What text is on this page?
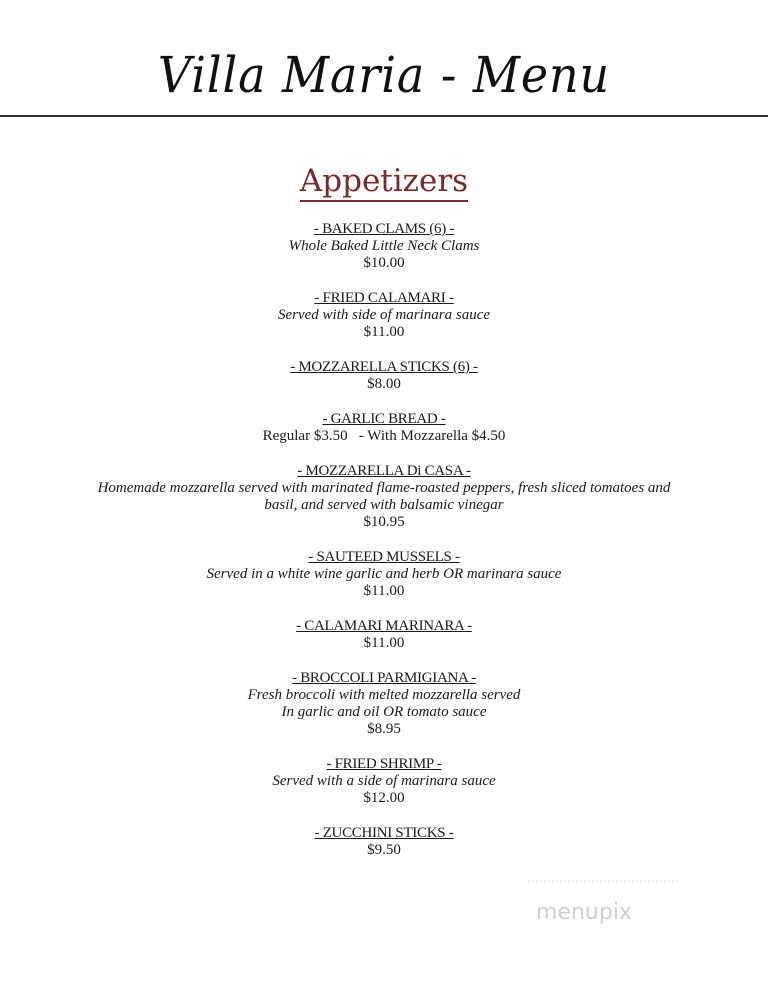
Villa Maria - Menu
Appetizers
- BAKED CLAMS (6) -
Whole Baked Little Neck Clams
$10.00
- FRIED CALAMARI -
Served with side of marinara sauce
$11.00
- MOZZARELLA STICKS (6) -
$8.00
- GARLIC BREAD -
Regular $3.50   - With Mozzarella $4.50
- MOZZARELLA Di CASA -
Homemade mozzarella served with marinated flame-roasted peppers, fresh sliced tomatoes and
basil, and served with balsamic vinegar
$10.95
- SAUTEED MUSSELS -
Served in a white wine garlic and herb OR marinara sauce
$11.00
- CALAMARI MARINARA -
$11.00
- BROCCOLI PARMIGIANA -
Fresh broccoli with melted mozzarella served
In garlic and oil OR tomato sauce
$8.95
- FRIED SHRIMP -
Served with a side of marinara sauce
$12.00
- ZUCCHINI STICKS -
$9.50
menupix
